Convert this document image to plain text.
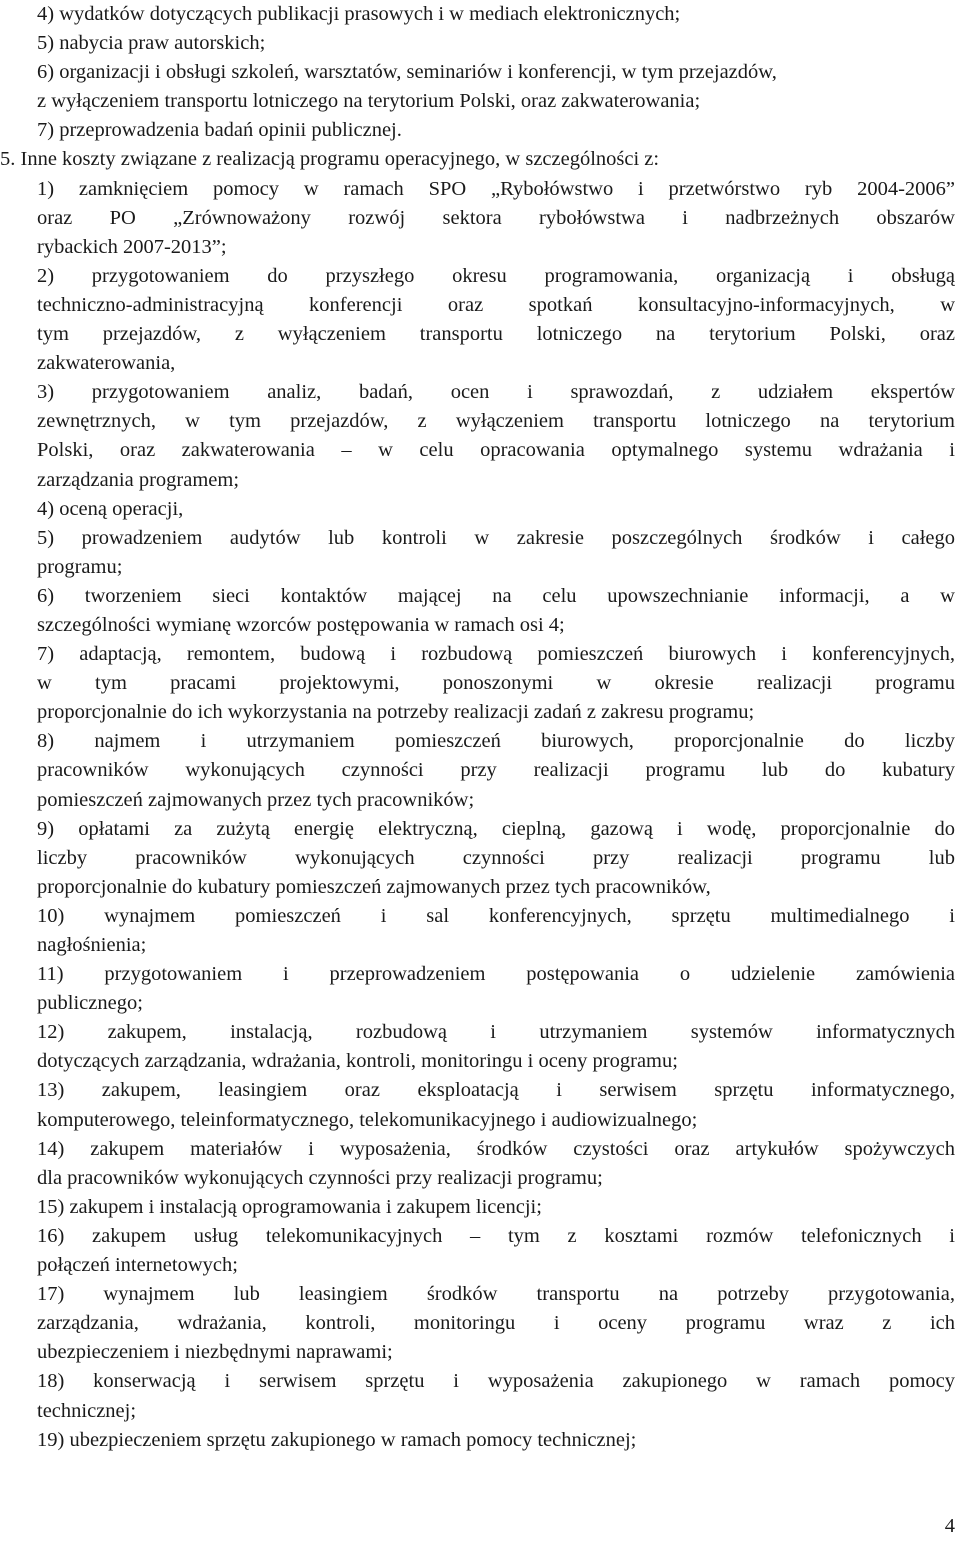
4) wydatków dotyczących publikacji prasowych i w mediach elektronicznych;
5) nabycia praw autorskich;
6) organizacji i obsługi szkoleń, warsztatów, seminariów i konferencji, w tym przejazdów,
z wyłączeniem transportu lotniczego na terytorium Polski, oraz zakwaterowania;
7) przeprowadzenia badań opinii publicznej.
5. Inne koszty związane z realizacją programu operacyjnego, w szczególności z:
1) zamknięciem pomocy w ramach SPO „Rybołówstwo i przetwórstwo ryb 2004-2006”
oraz PO „Zrównoważony rozwój sektora rybołówstwa i nadbrzeżnych obszarów
rybackich 2007-2013”;
2) przygotowaniem do przyszłego okresu programowania, organizacją i obsługą
techniczno-administracyjną konferencji oraz spotkań konsultacyjno-informacyjnych, w
tym przejazdów, z wyłączeniem transportu lotniczego na terytorium Polski, oraz
zakwaterowania,
3) przygotowaniem analiz, badań, ocen i sprawozdań, z udziałem ekspertów
zewnętrznych, w tym przejazdów, z wyłączeniem transportu lotniczego na terytorium
Polski, oraz zakwaterowania – w celu opracowania optymalnego systemu wdrażania i
zarządzania programem;
4) oceną operacji,
5) prowadzeniem audytów lub kontroli w zakresie poszczególnych środków i całego
programu;
6) tworzeniem sieci kontaktów mającej na celu upowszechnianie informacji, a w
szczególności wymianę wzorców postępowania w ramach osi 4;
7) adaptacją, remontem, budową i rozbudową pomieszczeń biurowych i konferencyjnych,
w tym pracami projektowymi, ponoszonymi w okresie realizacji programu
proporcjonalnie do ich wykorzystania na potrzeby realizacji zadań z zakresu programu;
8) najmem i utrzymaniem pomieszczeń biurowych, proporcjonalnie do liczby
pracowników wykonujących czynności przy realizacji programu lub do kubatury
pomieszczeń zajmowanych przez tych pracowników;
9) opłatami za zużytą energię elektryczną, cieplną, gazową i wodę, proporcjonalnie do
liczby pracowników wykonujących czynności przy realizacji programu lub
proporcjonalnie do kubatury pomieszczeń zajmowanych przez tych pracowników,
10) wynajmem pomieszczeń i sal konferencyjnych, sprzętu multimedialnego i
nagłośnienia;
11) przygotowaniem i przeprowadzeniem postępowania o udzielenie zamówienia
publicznego;
12) zakupem, instalacją, rozbudową i utrzymaniem systemów informatycznych
dotyczących zarządzania, wdrażania, kontroli, monitoringu i oceny programu;
13) zakupem, leasingiem oraz eksploatacją i serwisem sprzętu informatycznego,
komputerowego, teleinformatycznego, telekomunikacyjnego i audiowizualnego;
14) zakupem materiałów i wyposażenia, środków czystości oraz artykułów spożywczych
dla pracowników wykonujących czynności przy realizacji programu;
15) zakupem i instalacją oprogramowania i zakupem licencji;
16) zakupem usług telekomunikacyjnych – tym z kosztami rozmów telefonicznych i
połączeń internetowych;
17) wynajmem lub leasingiem środków transportu na potrzeby przygotowania,
zarządzania, wdrażania, kontroli, monitoringu i oceny programu wraz z ich
ubezpieczeniem i niezbędnymi naprawami;
18) konserwacją i serwisem sprzętu i wyposażenia zakupionego w ramach pomocy
technicznej;
19) ubezpieczeniem sprzętu zakupionego w ramach pomocy technicznej;
4
